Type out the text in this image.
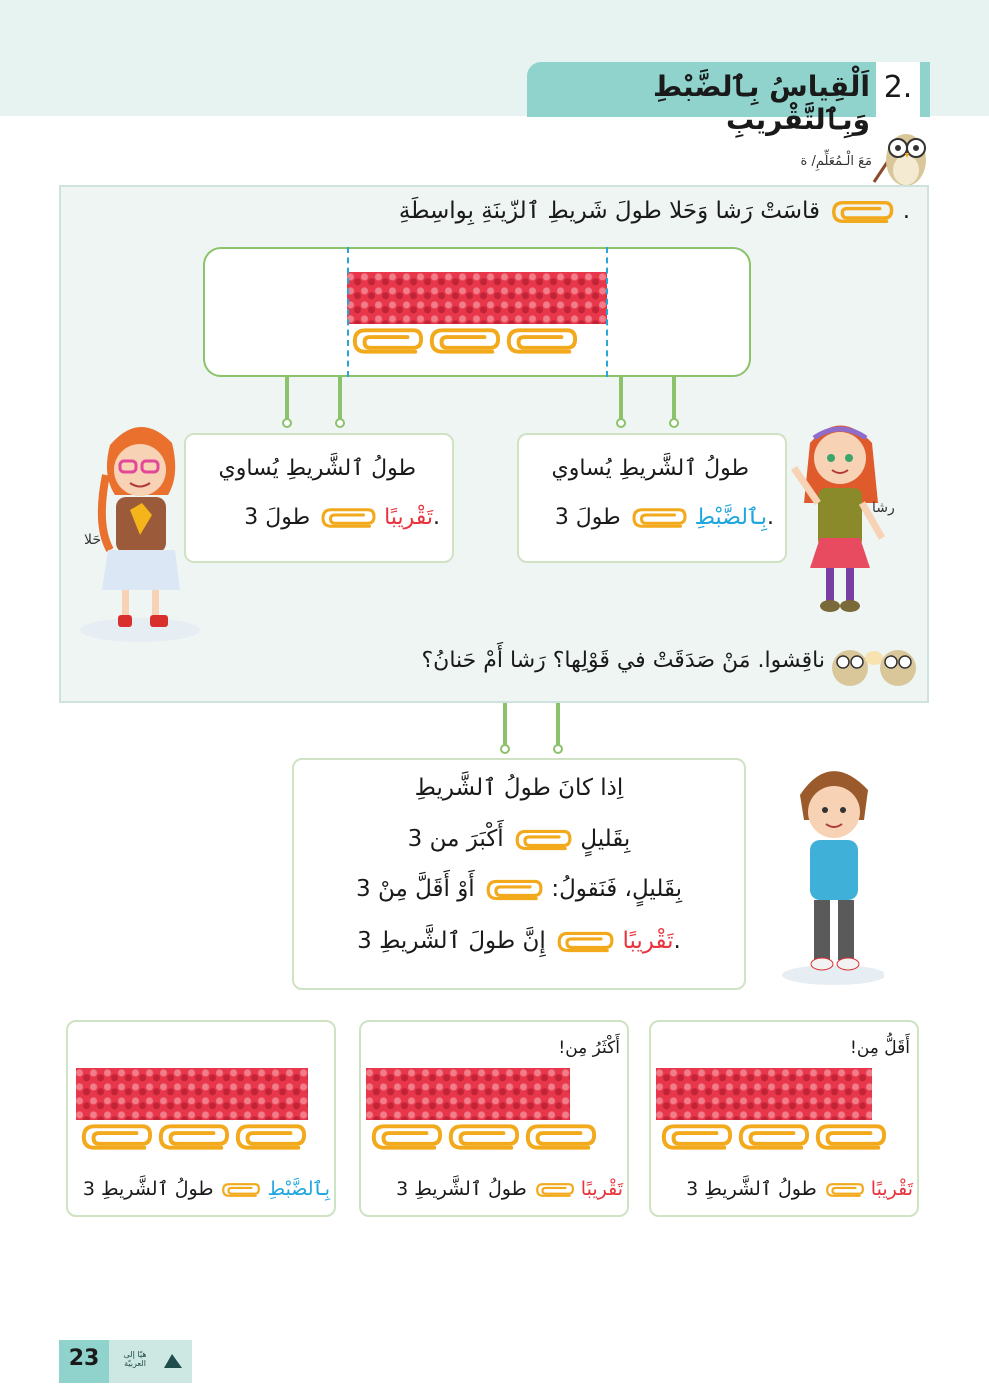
2.
اَلْقِياسُ بِٱلضَّبْطِ وَبِٱلتَّقْريبِ
مَعَ الْـمُعَلِّمِ/ ة
قاسَتْ رَشا وَحَلا طولَ شَريطِ ٱلزّينَةِ بِواسِطَةِ	.
طولُ ٱلشَّريطِ يُساوي
طولَ 3	تَقْريبًا.
طولُ ٱلشَّريطِ يُساوي
طولَ 3	بِٱلضَّبْطِ.
حَلا
رشا
ناقِشوا. مَنْ صَدَقَتْ في قَوْلِها؟ رَشا أَمْ حَنانُ؟
اِذا كانَ طولُ ٱلشَّريطِ
أَكْبَرَ من 3	بِقَليلٍ
أَوْ أَقَلَّ مِنْ 3	بِقَليلٍ، فَنَقولُ:
إِنَّ طولَ ٱلشَّريطِ 3	تَقْريبًا.
أَقَلُّ مِن!
طولُ ٱلشَّريطِ 3	تَقْريبًا
أَكْثَرُ مِن!
طولُ ٱلشَّريطِ 3	تَقْريبًا
طولُ ٱلشَّريطِ 3	بِٱلضَّبْطِ
23	هيّا إلى العربيّة
